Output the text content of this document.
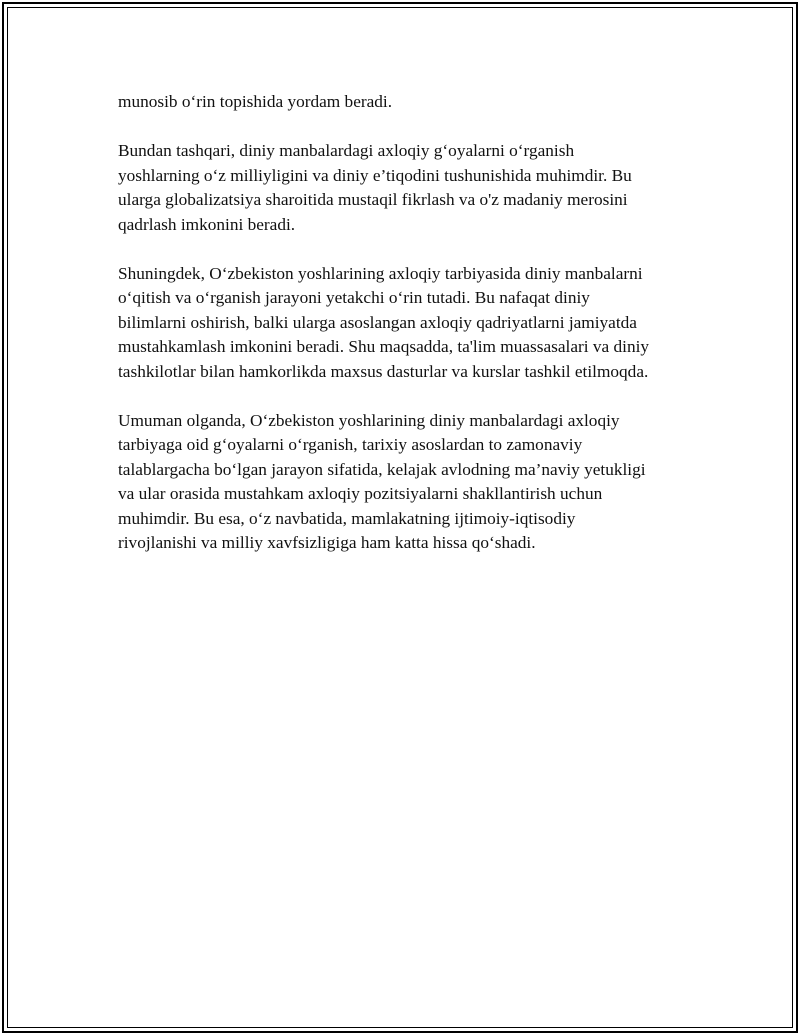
munosib o‘rin topishida yordam beradi.

Bundan tashqari, diniy manbalardagi axloqiy g‘oyalarni o‘rganish
yoshlarning o‘z milliyligini va diniy e’tiqodini tushunishida muhimdir. Bu
ularga globalizatsiya sharoitida mustaqil fikrlash va o'z madaniy merosini
qadrlash imkonini beradi.

Shuningdek, O‘zbekiston yoshlarining axloqiy tarbiyasida diniy manbalarni
o‘qitish va o‘rganish jarayoni yetakchi o‘rin tutadi. Bu nafaqat diniy
bilimlarni oshirish, balki ularga asoslangan axloqiy qadriyatlarni jamiyatda
mustahkamlash imkonini beradi. Shu maqsadda, ta'lim muassasalari va diniy
tashkilotlar bilan hamkorlikda maxsus dasturlar va kurslar tashkil etilmoqda.

Umuman olganda, O‘zbekiston yoshlarining diniy manbalardagi axloqiy
tarbiyaga oid g‘oyalarni o‘rganish, tarixiy asoslardan to zamonaviy
talablargacha bo‘lgan jarayon sifatida, kelajak avlodning ma’naviy yetukligi
va ular orasida mustahkam axloqiy pozitsiyalarni shakllantirish uchun
muhimdir. Bu esa, o‘z navbatida, mamlakatning ijtimoiy-iqtisodiy
rivojlanishi va milliy xavfsizligiga ham katta hissa qo‘shadi.
